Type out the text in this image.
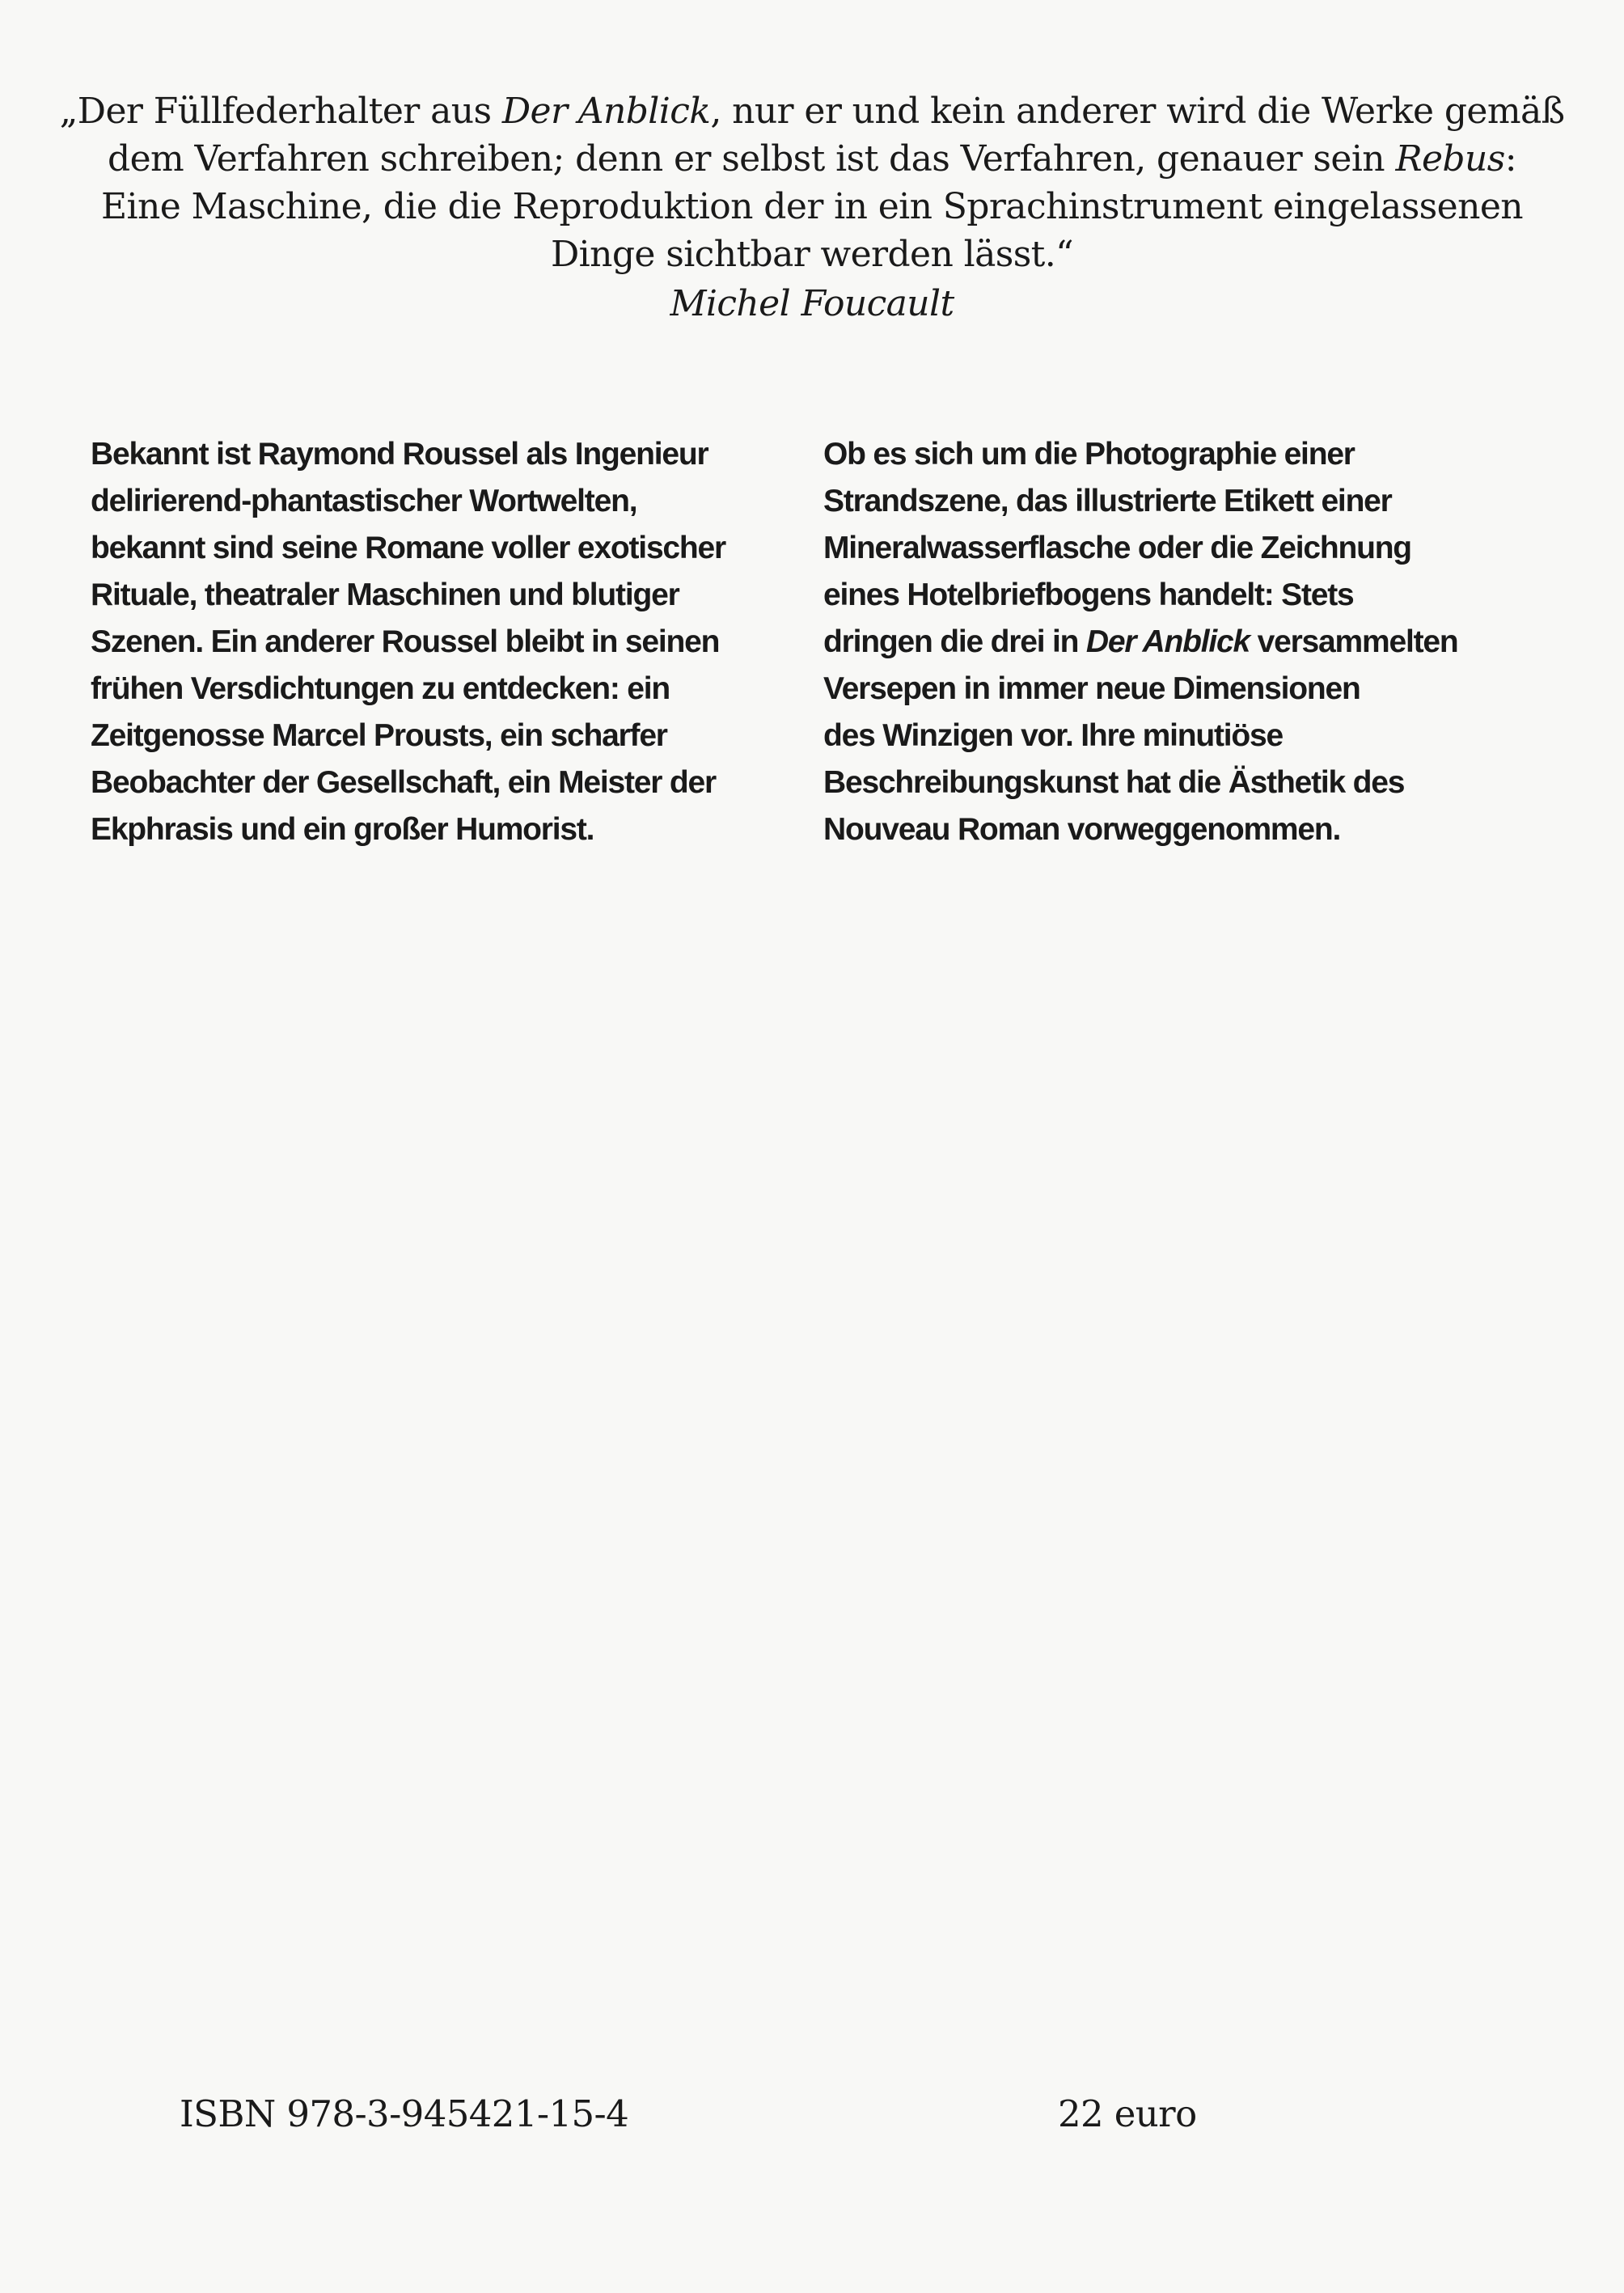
„Der Füllfederhalter aus Der Anblick, nur er und kein anderer wird die Werke gemäß
dem Verfahren schreiben; denn er selbst ist das Verfahren, genauer sein Rebus:
Eine Maschine, die die Reproduktion der in ein Sprachinstrument eingelassenen
Dinge sichtbar werden lässt.“
Michel Foucault
Bekannt ist Raymond Roussel als Ingenieur
delirierend-phantastischer Wortwelten,
bekannt sind seine Romane voller exotischer
Rituale, theatraler Maschinen und blutiger
Szenen. Ein anderer Roussel bleibt in seinen
frühen Versdichtungen zu entdecken: ein
Zeitgenosse Marcel Prousts, ein scharfer
Beobachter der Gesellschaft, ein Meister der
Ekphrasis und ein großer Humorist.
Ob es sich um die Photographie einer
Strandszene, das illustrierte Etikett einer
Mineralwasserflasche oder die Zeichnung
eines Hotelbriefbogens handelt: Stets
dringen die drei in Der Anblick versammelten
Versepen in immer neue Dimensionen
des Winzigen vor. Ihre minutiöse
Beschreibungskunst hat die Ästhetik des
Nouveau Roman vorweggenommen.
ISBN 978-3-945421-15-4	22 euro
